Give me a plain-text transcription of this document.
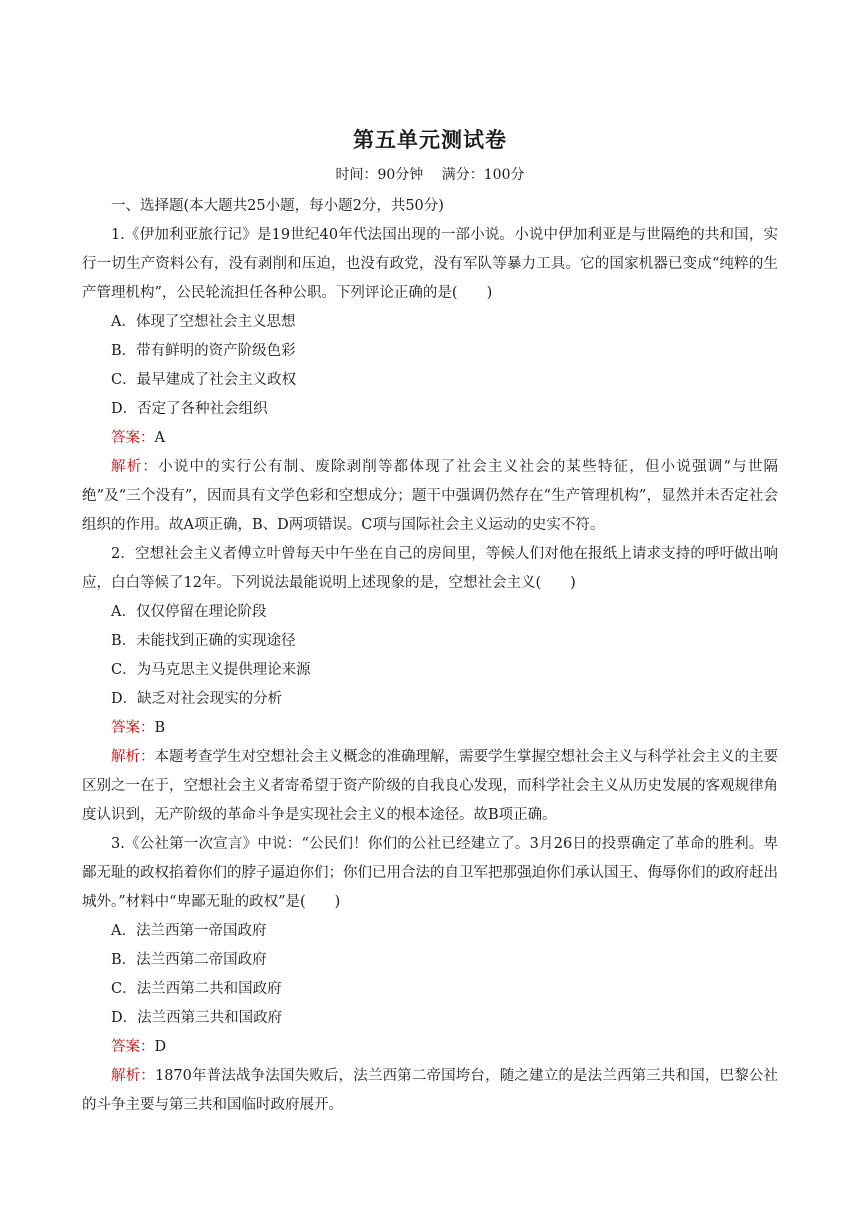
第五单元测试卷
时间：90分钟 满分：100分
一、选择题(本大题共25小题，每小题2分，共50分)
1.《伊加利亚旅行记》是19世纪40年代法国出现的一部小说。小说中伊加利亚是与世隔绝的共和国，实行一切生产资料公有，没有剥削和压迫，也没有政党，没有军队等暴力工具。它的国家机器已变成“纯粹的生产管理机构”，公民轮流担任各种公职。下列评论正确的是(　　)
A．体现了空想社会主义思想
B．带有鲜明的资产阶级色彩
C．最早建成了社会主义政权
D．否定了各种社会组织
答案：A
解析：小说中的实行公有制、废除剥削等都体现了社会主义社会的某些特征，但小说强调“与世隔绝”及“三个没有”，因而具有文学色彩和空想成分；题干中强调仍然存在“生产管理机构”，显然并未否定社会组织的作用。故A项正确，B、D两项错误。C项与国际社会主义运动的史实不符。
2．空想社会主义者傅立叶曾每天中午坐在自己的房间里，等候人们对他在报纸上请求支持的呼吁做出响应，白白等候了12年。下列说法最能说明上述现象的是，空想社会主义(　　)
A．仅仅停留在理论阶段
B．未能找到正确的实现途径
C．为马克思主义提供理论来源
D．缺乏对社会现实的分析
答案：B
解析：本题考查学生对空想社会主义概念的准确理解，需要学生掌握空想社会主义与科学社会主义的主要区别之一在于，空想社会主义者寄希望于资产阶级的自我良心发现，而科学社会主义从历史发展的客观规律角度认识到，无产阶级的革命斗争是实现社会主义的根本途径。故B项正确。
3.《公社第一次宣言》中说：“公民们！你们的公社已经建立了。3月26日的投票确定了革命的胜利。卑鄙无耻的政权掐着你们的脖子逼迫你们；你们已用合法的自卫军把那强迫你们承认国王、侮辱你们的政府赶出城外。”材料中“卑鄙无耻的政权”是(　　)
A．法兰西第一帝国政府
B．法兰西第二帝国政府
C．法兰西第二共和国政府
D．法兰西第三共和国政府
答案：D
解析：1870年普法战争法国失败后，法兰西第二帝国垮台，随之建立的是法兰西第三共和国，巴黎公社的斗争主要与第三共和国临时政府展开。
